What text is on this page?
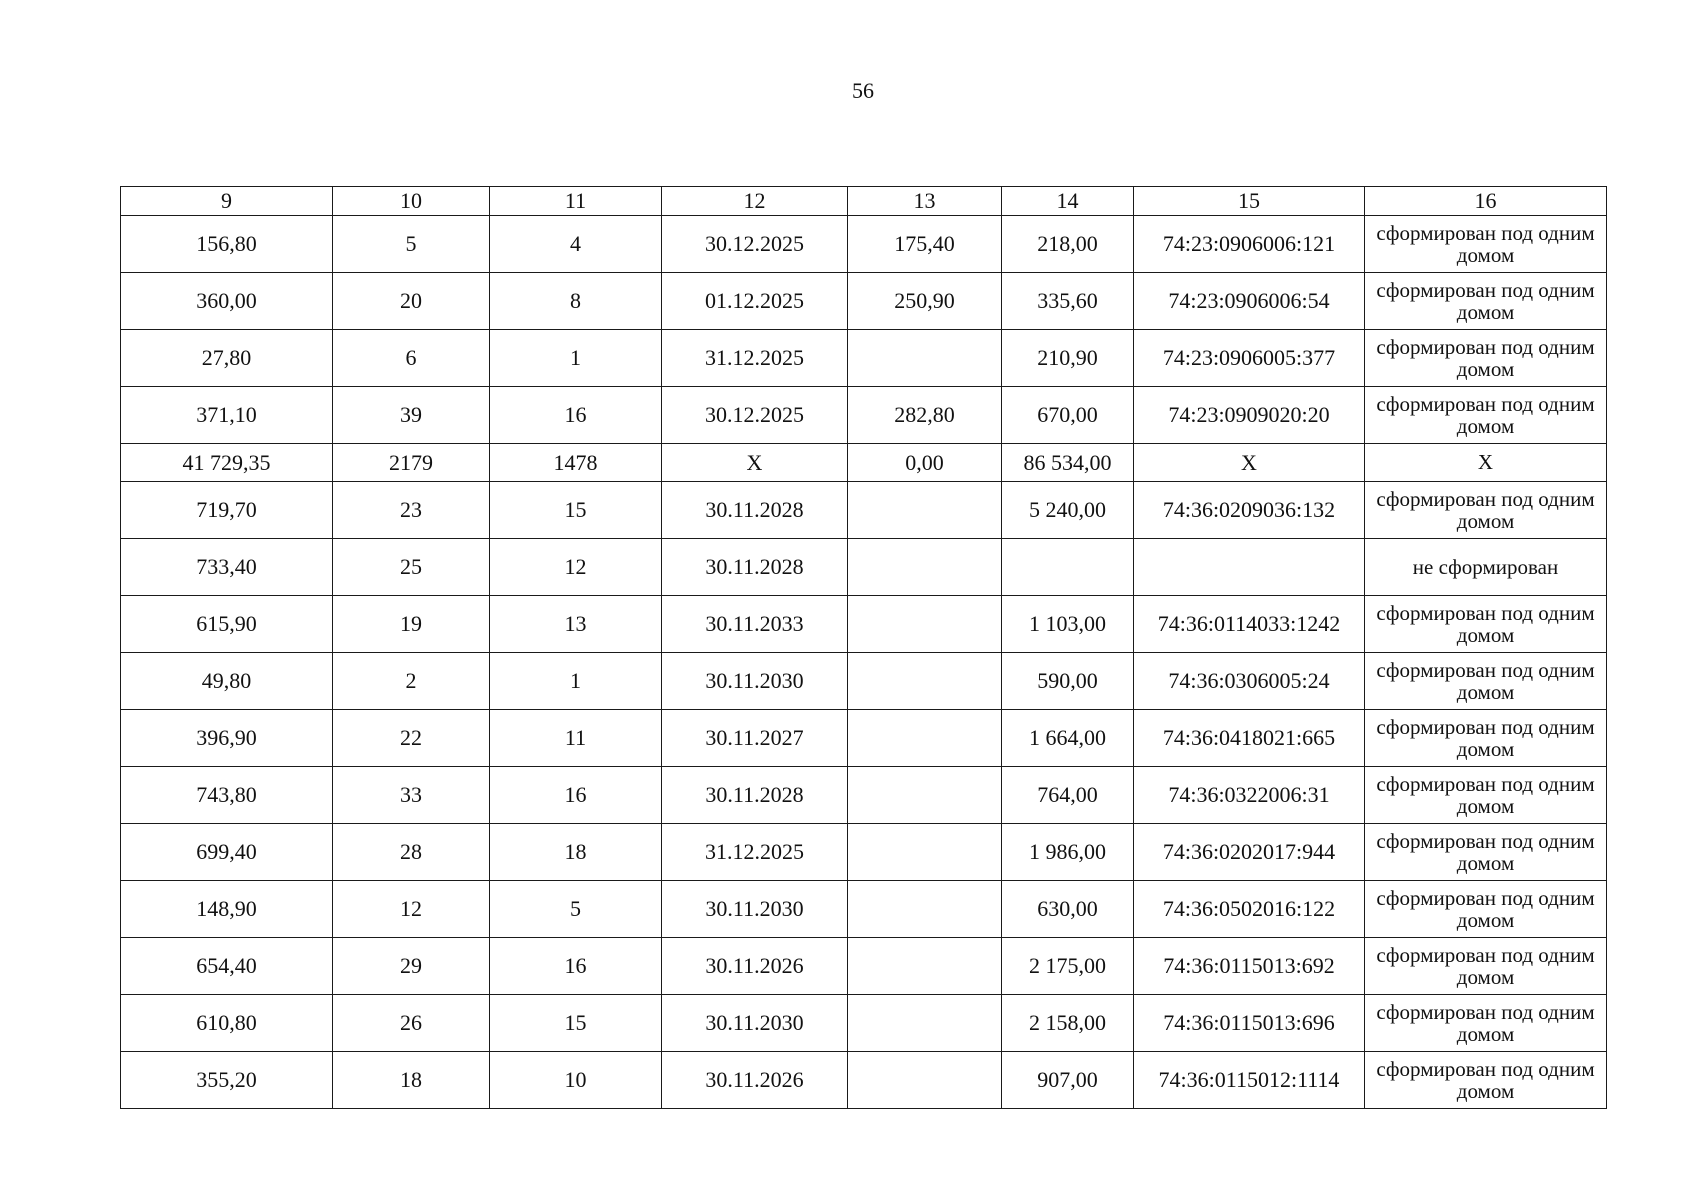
56
9	10	11	12	13	14	15	16
156,80	5	4	30.12.2025	175,40	218,00	74:23:0906006:121	сформирован под одним домом
360,00	20	8	01.12.2025	250,90	335,60	74:23:0906006:54	сформирован под одним домом
27,80	6	1	31.12.2025		210,90	74:23:0906005:377	сформирован под одним домом
371,10	39	16	30.12.2025	282,80	670,00	74:23:0909020:20	сформирован под одним домом
41 729,35	2179	1478	X	0,00	86 534,00	X	X
719,70	23	15	30.11.2028		5 240,00	74:36:0209036:132	сформирован под одним домом
733,40	25	12	30.11.2028				не сформирован
615,90	19	13	30.11.2033		1 103,00	74:36:0114033:1242	сформирован под одним домом
49,80	2	1	30.11.2030		590,00	74:36:0306005:24	сформирован под одним домом
396,90	22	11	30.11.2027		1 664,00	74:36:0418021:665	сформирован под одним домом
743,80	33	16	30.11.2028		764,00	74:36:0322006:31	сформирован под одним домом
699,40	28	18	31.12.2025		1 986,00	74:36:0202017:944	сформирован под одним домом
148,90	12	5	30.11.2030		630,00	74:36:0502016:122	сформирован под одним домом
654,40	29	16	30.11.2026		2 175,00	74:36:0115013:692	сформирован под одним домом
610,80	26	15	30.11.2030		2 158,00	74:36:0115013:696	сформирован под одним домом
355,20	18	10	30.11.2026		907,00	74:36:0115012:1114	сформирован под одним домом
